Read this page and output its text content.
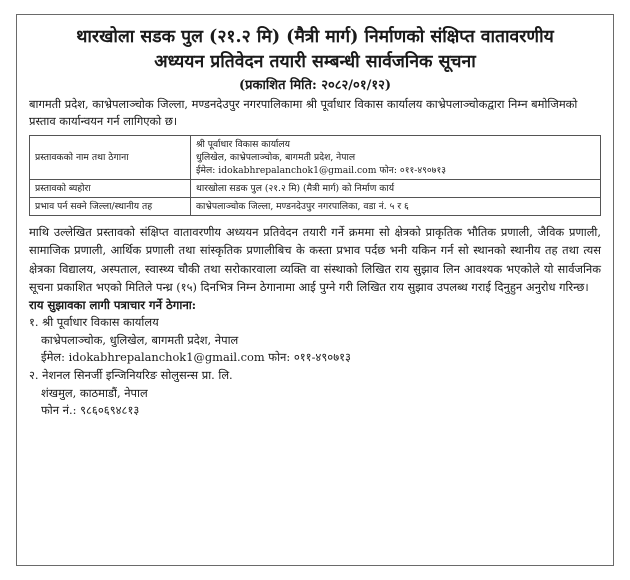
थारखोला सडक पुल (२१.२ मि) (मैत्री मार्ग) निर्माणको संक्षिप्त वातावरणीय
अध्ययन प्रतिवेदन तयारी सम्बन्धी सार्वजनिक सूचना

(प्रकाशित मिति: २०८२/०१/१२)

बागमती प्रदेश, काभ्रेपलाञ्चोक जिल्ला, मण्डनदेउपुर नगरपालिकामा श्री पूर्वाधार विकास कार्यालय काभ्रेपलाञ्चोकद्वारा निम्न बमोजिमको प्रस्ताव कार्यान्वयन गर्न लागिएको छ।

प्रस्तावकको नाम तथा ठेगाना	श्री पूर्वाधार विकास कार्यालय
धुलिखेल, काभ्रेपलाञ्चोक, बागमती प्रदेश, नेपाल
ईमेल: idokabhrepalanchok1@gmail.com फोन: ०११-४९०७१३
प्रस्तावको ब्यहोरा	थारखोला सडक पुल (२१.२ मि) (मैत्री मार्ग) को निर्माण कार्य
प्रभाव पर्न सक्ने जिल्ला/स्थानीय तह	काभ्रेपलाञ्चोक जिल्ला, मण्डनदेउपुर नगरपालिका, वडा नं. ५ र ६

माथि उल्लेखित प्रस्तावको संक्षिप्त वातावरणीय अध्ययन प्रतिवेदन तयारी गर्ने क्रममा सो क्षेत्रको प्राकृतिक भौतिक प्रणाली, जैविक प्रणाली, सामाजिक प्रणाली, आर्थिक प्रणाली तथा सांस्कृतिक प्रणालीबिच के कस्ता प्रभाव पर्दछ भनी यकिन गर्न सो स्थानको स्थानीय तह तथा त्यस क्षेत्रका विद्यालय, अस्पताल, स्वास्थ्य चौकी तथा सरोकारवाला व्यक्ति वा संस्थाको लिखित राय सुझाव लिन आवश्यक भएकोले यो सार्वजनिक सूचना प्रकाशित भएको मितिले पन्ध्र (१५) दिनभित्र निम्न ठेगानामा आई पुग्ने गरी लिखित राय सुझाव उपलब्ध गराई दिनुहुन अनुरोध गरिन्छ।

राय सुझावका लागी पत्राचार गर्ने ठेगाना:

१. श्री पूर्वाधार विकास कार्यालय
काभ्रेपलाञ्चोक, धुलिखेल, बागमती प्रदेश, नेपाल
ईमेल: idokabhrepalanchok1@gmail.com फोन: ०११-४९०७१३
२. नेशनल सिनर्जी इन्जिनियरिङ सोलुसन्स प्रा. लि.
शंखमुल, काठमाडौं, नेपाल
फोन नं.: ९८६०६९४८१३
